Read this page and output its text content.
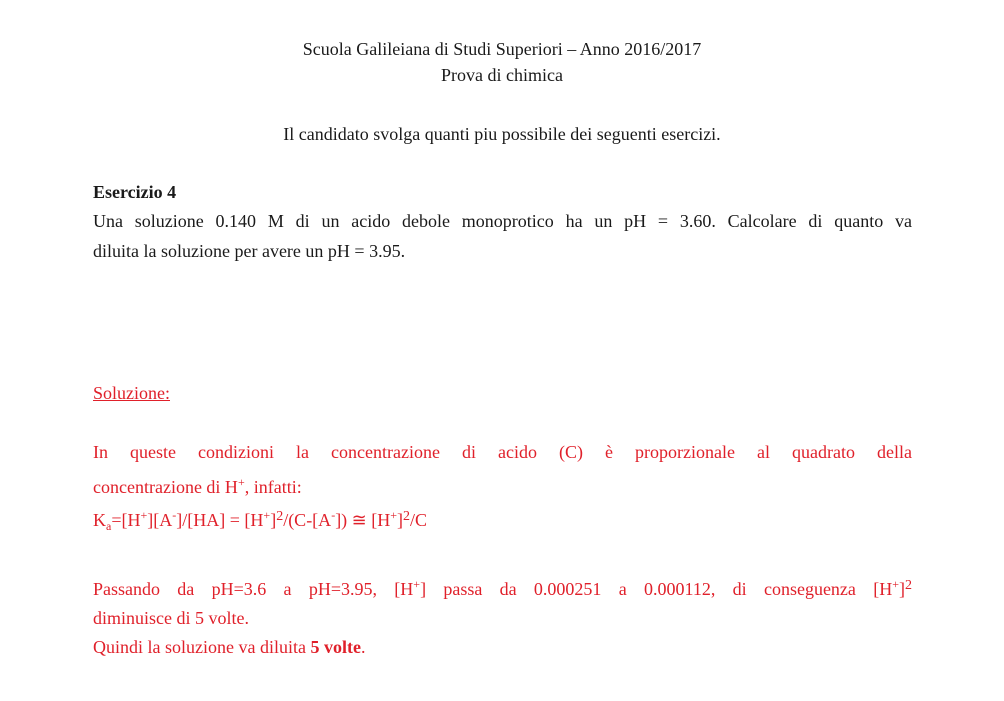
Scuola Galileiana di Studi Superiori – Anno 2016/2017
Prova di chimica
Il candidato svolga quanti piu possibile dei seguenti esercizi.
Esercizio 4
Una soluzione 0.140 M di un acido debole monoprotico ha un pH = 3.60. Calcolare di quanto va
diluita la soluzione per avere un pH = 3.95.
Soluzione:
In queste condizioni la concentrazione di acido (C) è proporzionale al quadrato della
concentrazione di H+, infatti:
$K_a=[H^+][A^-]/[HA] = [H^+]^2/(C-[A^-])$ ≅ $[H^+]^2/C$
Passando da pH=3.6 a pH=3.95, [H+] passa da 0.000251 a 0.000112, di conseguenza $[H^+]^2$
diminuisce di 5 volte.
Quindi la soluzione va diluita 5 volte.
